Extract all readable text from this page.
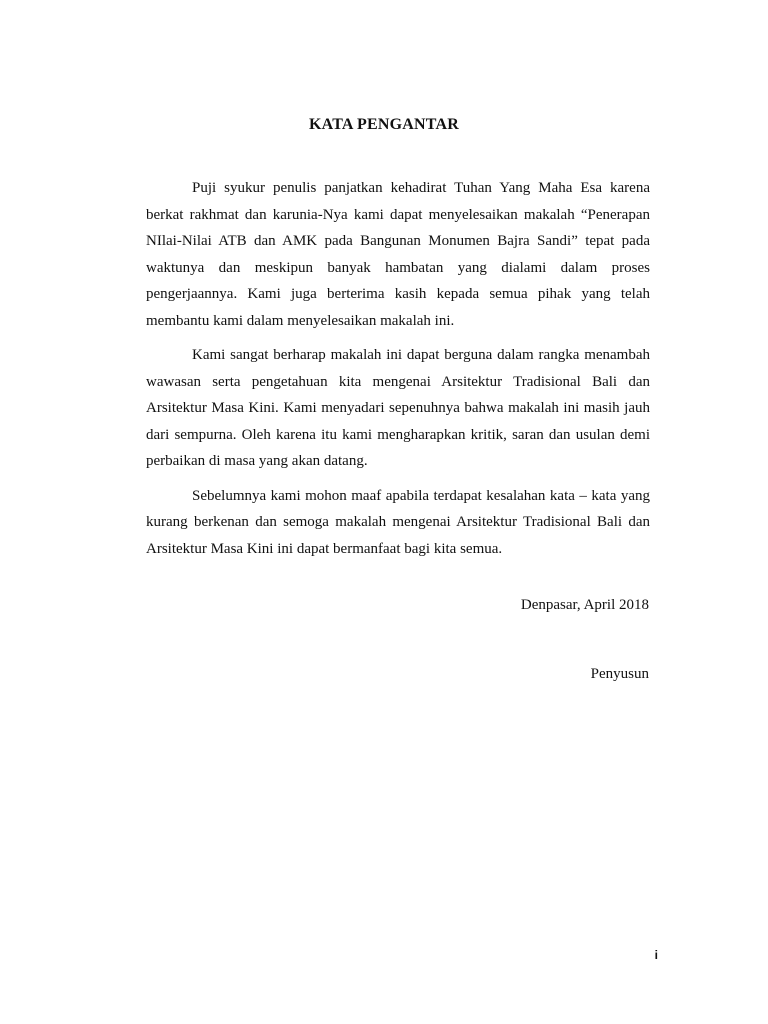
KATA PENGANTAR

Puji syukur penulis panjatkan kehadirat Tuhan Yang Maha Esa karena berkat rakhmat dan karunia-Nya kami dapat menyelesaikan makalah “Penerapan NIlai-Nilai ATB dan AMK pada Bangunan Monumen Bajra Sandi” tepat pada waktunya dan meskipun banyak hambatan yang dialami dalam proses pengerjaannya. Kami juga berterima kasih kepada semua pihak yang telah membantu kami dalam menyelesaikan makalah ini.

Kami sangat berharap makalah ini dapat berguna dalam rangka menambah wawasan serta pengetahuan kita mengenai Arsitektur Tradisional Bali dan Arsitektur Masa Kini. Kami menyadari sepenuhnya bahwa makalah ini masih jauh dari sempurna. Oleh karena itu kami mengharapkan kritik, saran dan usulan demi perbaikan di masa yang akan datang.

Sebelumnya kami mohon maaf apabila terdapat kesalahan kata – kata yang kurang berkenan dan semoga makalah mengenai Arsitektur Tradisional Bali dan Arsitektur Masa Kini ini dapat bermanfaat bagi kita semua.

Denpasar, April 2018
Penyusun
i
